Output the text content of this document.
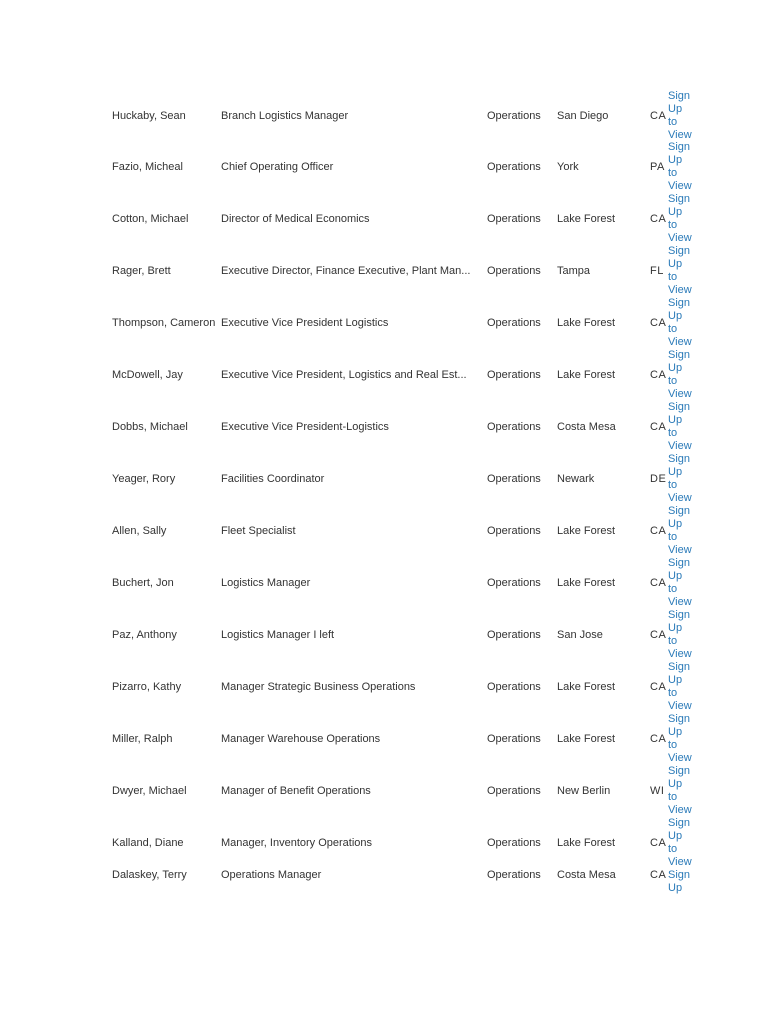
Huckaby, Sean	Branch Logistics Manager	Operations	San Diego	CA
Sign
Up
to
View
Fazio, Micheal	Chief Operating Officer	Operations	York	PA
Sign
Up
to
View
Cotton, Michael	Director of Medical Economics	Operations	Lake Forest	CA
Sign
Up
to
View
Rager, Brett	Executive Director, Finance Executive, Plant Man...	Operations	Tampa	FL
Sign
Up
to
View
Thompson, Cameron Executive Vice President Logistics	Operations	Lake Forest	CA
Sign
Up
to
View
McDowell, Jay	Executive Vice President, Logistics and Real Est...	Operations	Lake Forest	CA
Sign
Up
to
View
Dobbs, Michael	Executive Vice President-Logistics	Operations	Costa Mesa	CA
Sign
Up
to
View
Yeager, Rory	Facilities Coordinator	Operations	Newark	DE
Sign
Up
to
View
Allen, Sally	Fleet Specialist	Operations	Lake Forest	CA
Sign
Up
to
View
Buchert, Jon	Logistics Manager	Operations	Lake Forest	CA
Sign
Up
to
View
Paz, Anthony	Logistics Manager I left	Operations	San Jose	CA
Sign
Up
to
View
Pizarro, Kathy	Manager Strategic Business Operations	Operations	Lake Forest	CA
Sign
Up
to
View
Miller, Ralph	Manager Warehouse Operations	Operations	Lake Forest	CA
Sign
Up
to
View
Dwyer, Michael	Manager of Benefit Operations	Operations	New Berlin	WI
Sign
Up
to
View
Kalland, Diane	Manager, Inventory Operations	Operations	Lake Forest	CA
Sign
Up
to
View
Dalaskey, Terry	Operations Manager	Operations	Costa Mesa	CA Sign
Up
